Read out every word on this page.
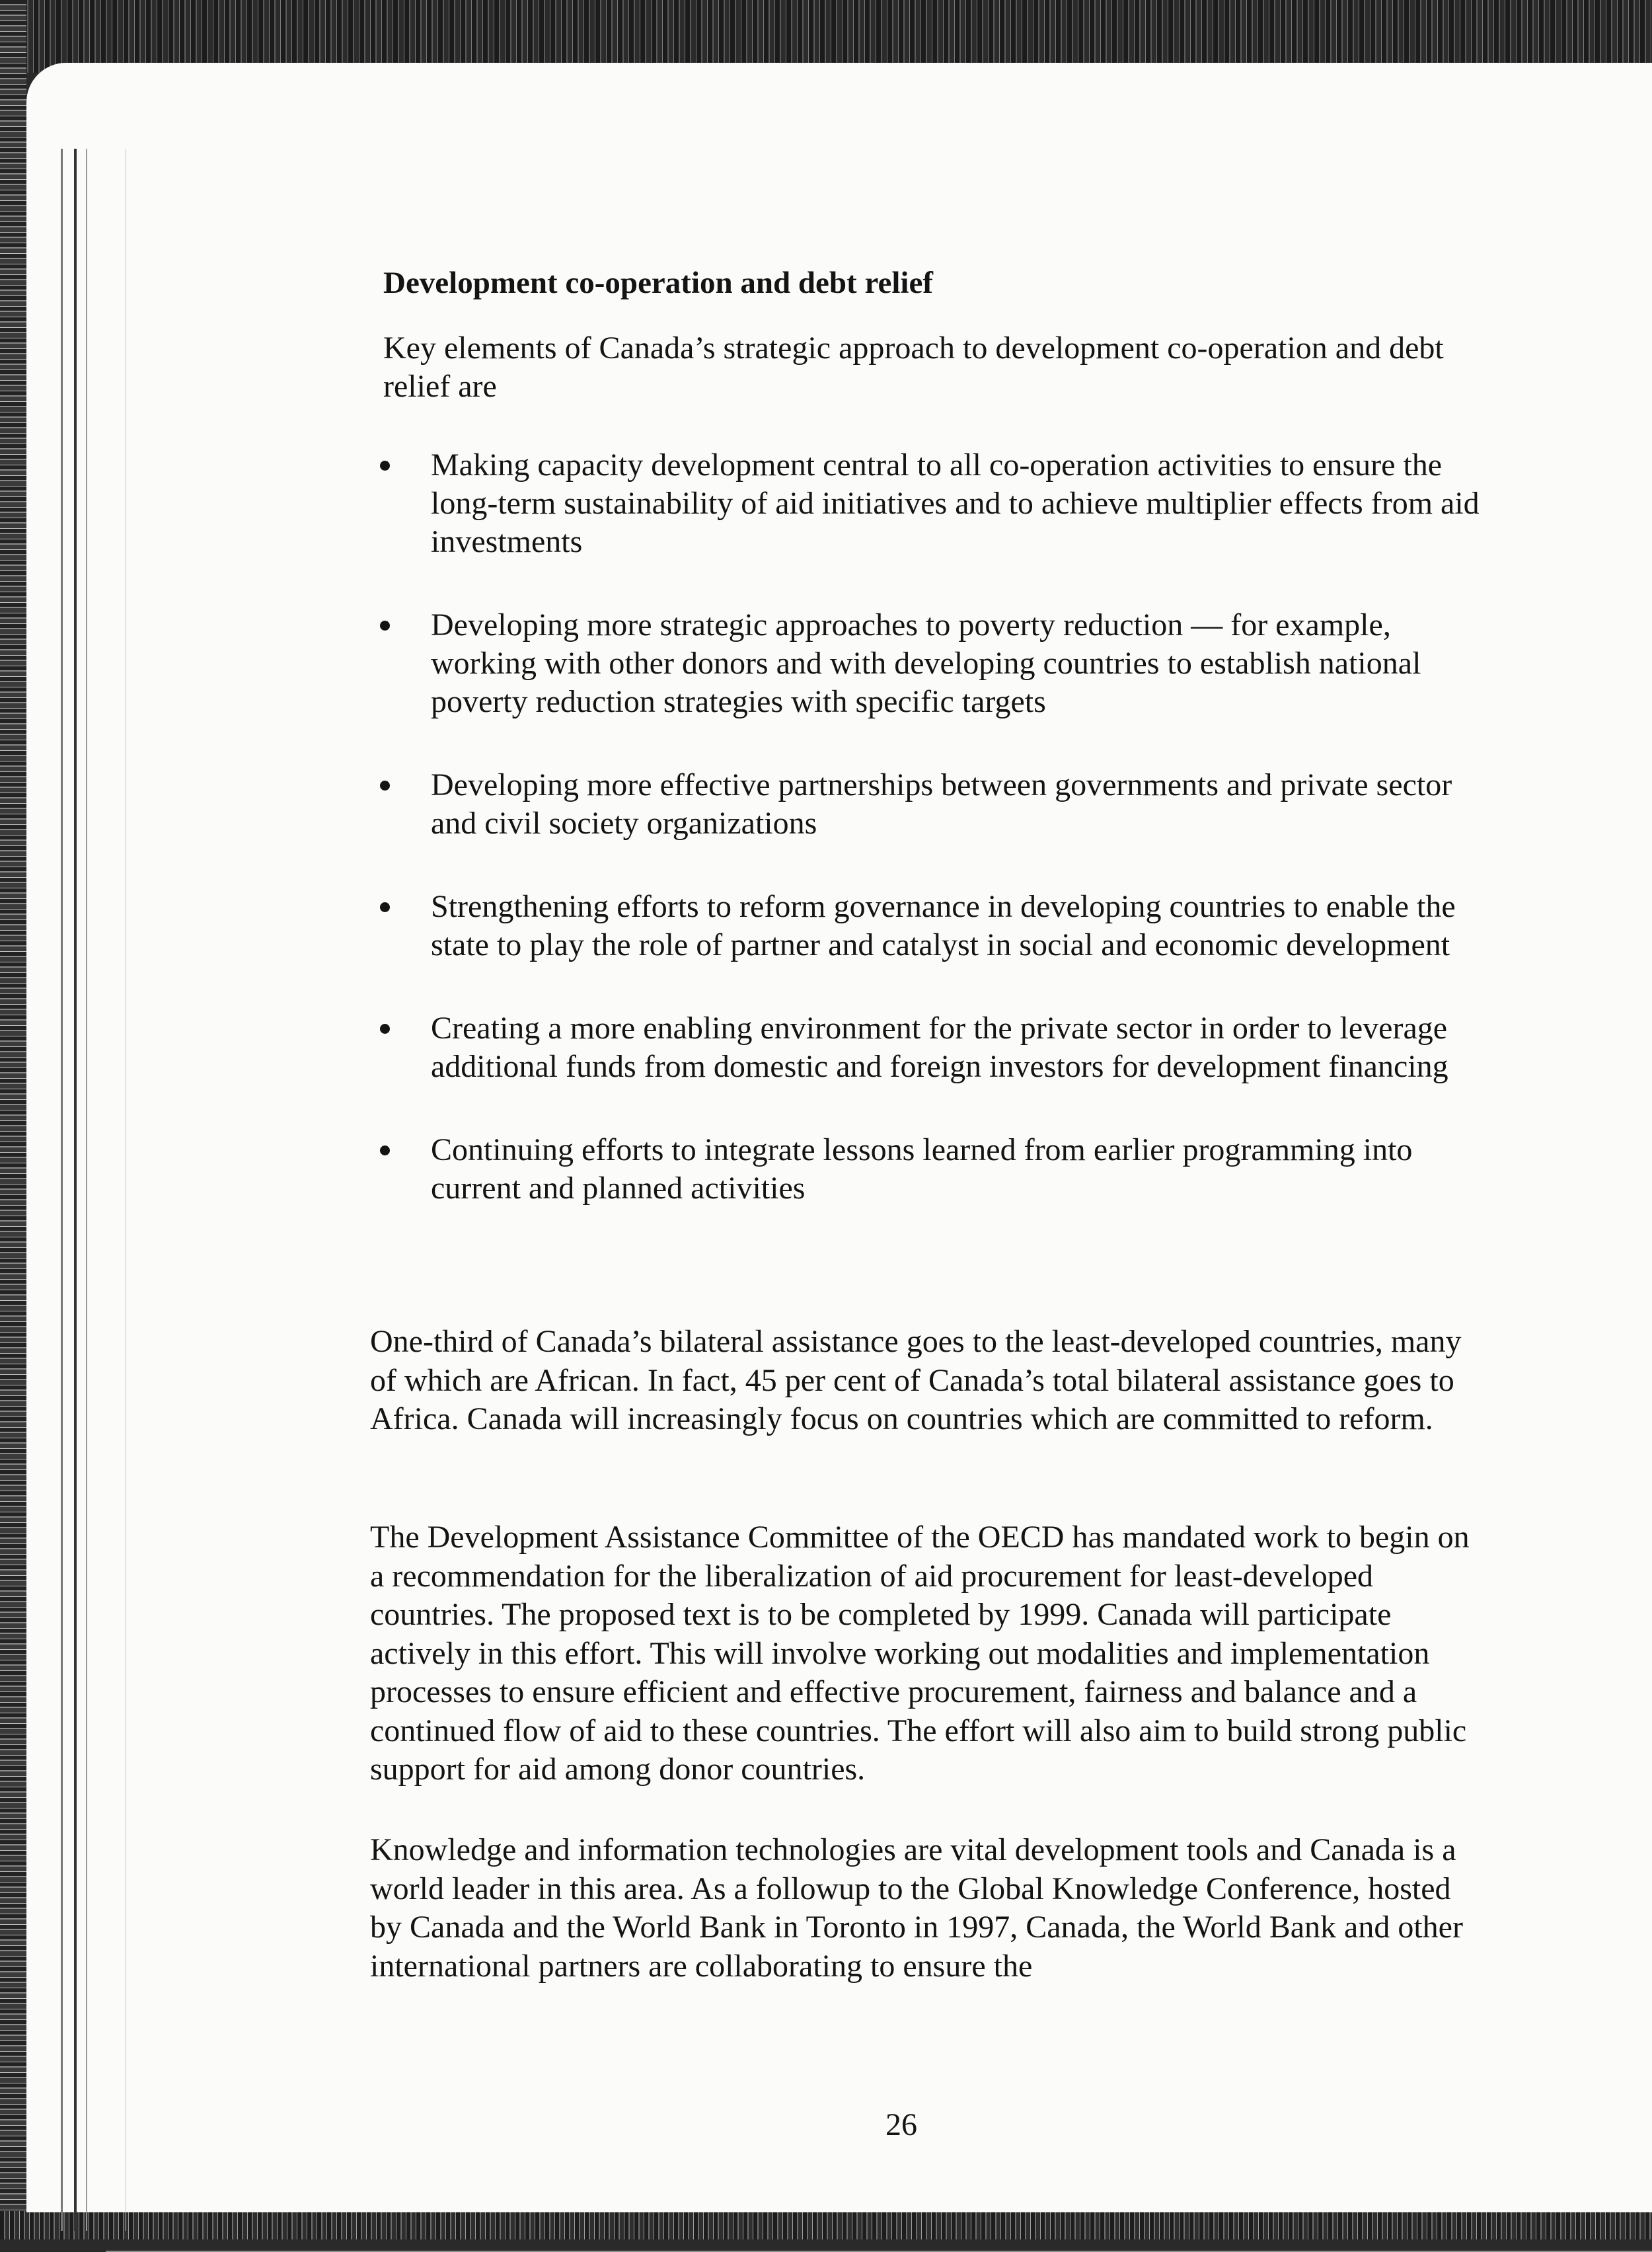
Development co-operation and debt relief

Key elements of Canada’s strategic approach to development co-operation and debt relief are

Making capacity development central to all co-operation activities to ensure the long-term sustainability of aid initiatives and to achieve multiplier effects from aid investments
Developing more strategic approaches to poverty reduction — for example, working with other donors and with developing countries to establish national poverty reduction strategies with specific targets
Developing more effective partnerships between governments and private sector and civil society organizations
Strengthening efforts to reform governance in developing countries to enable the state to play the role of partner and catalyst in social and economic development
Creating a more enabling environment for the private sector in order to leverage additional funds from domestic and foreign investors for development financing
Continuing efforts to integrate lessons learned from earlier programming into current and planned activities

One-third of Canada’s bilateral assistance goes to the least-developed countries, many of which are African. In fact, 45 per cent of Canada’s total bilateral assistance goes to Africa. Canada will increasingly focus on countries which are committed to reform.

The Development Assistance Committee of the OECD has mandated work to begin on a recommendation for the liberalization of aid procurement for least-developed countries. The proposed text is to be completed by 1999. Canada will participate actively in this effort. This will involve working out modalities and implementation processes to ensure efficient and effective procurement, fairness and balance and a continued flow of aid to these countries. The effort will also aim to build strong public support for aid among donor countries.

Knowledge and information technologies are vital development tools and Canada is a world leader in this area. As a followup to the Global Knowledge Conference, hosted by Canada and the World Bank in Toronto in 1997, Canada, the World Bank and other international partners are collaborating to ensure the

26
